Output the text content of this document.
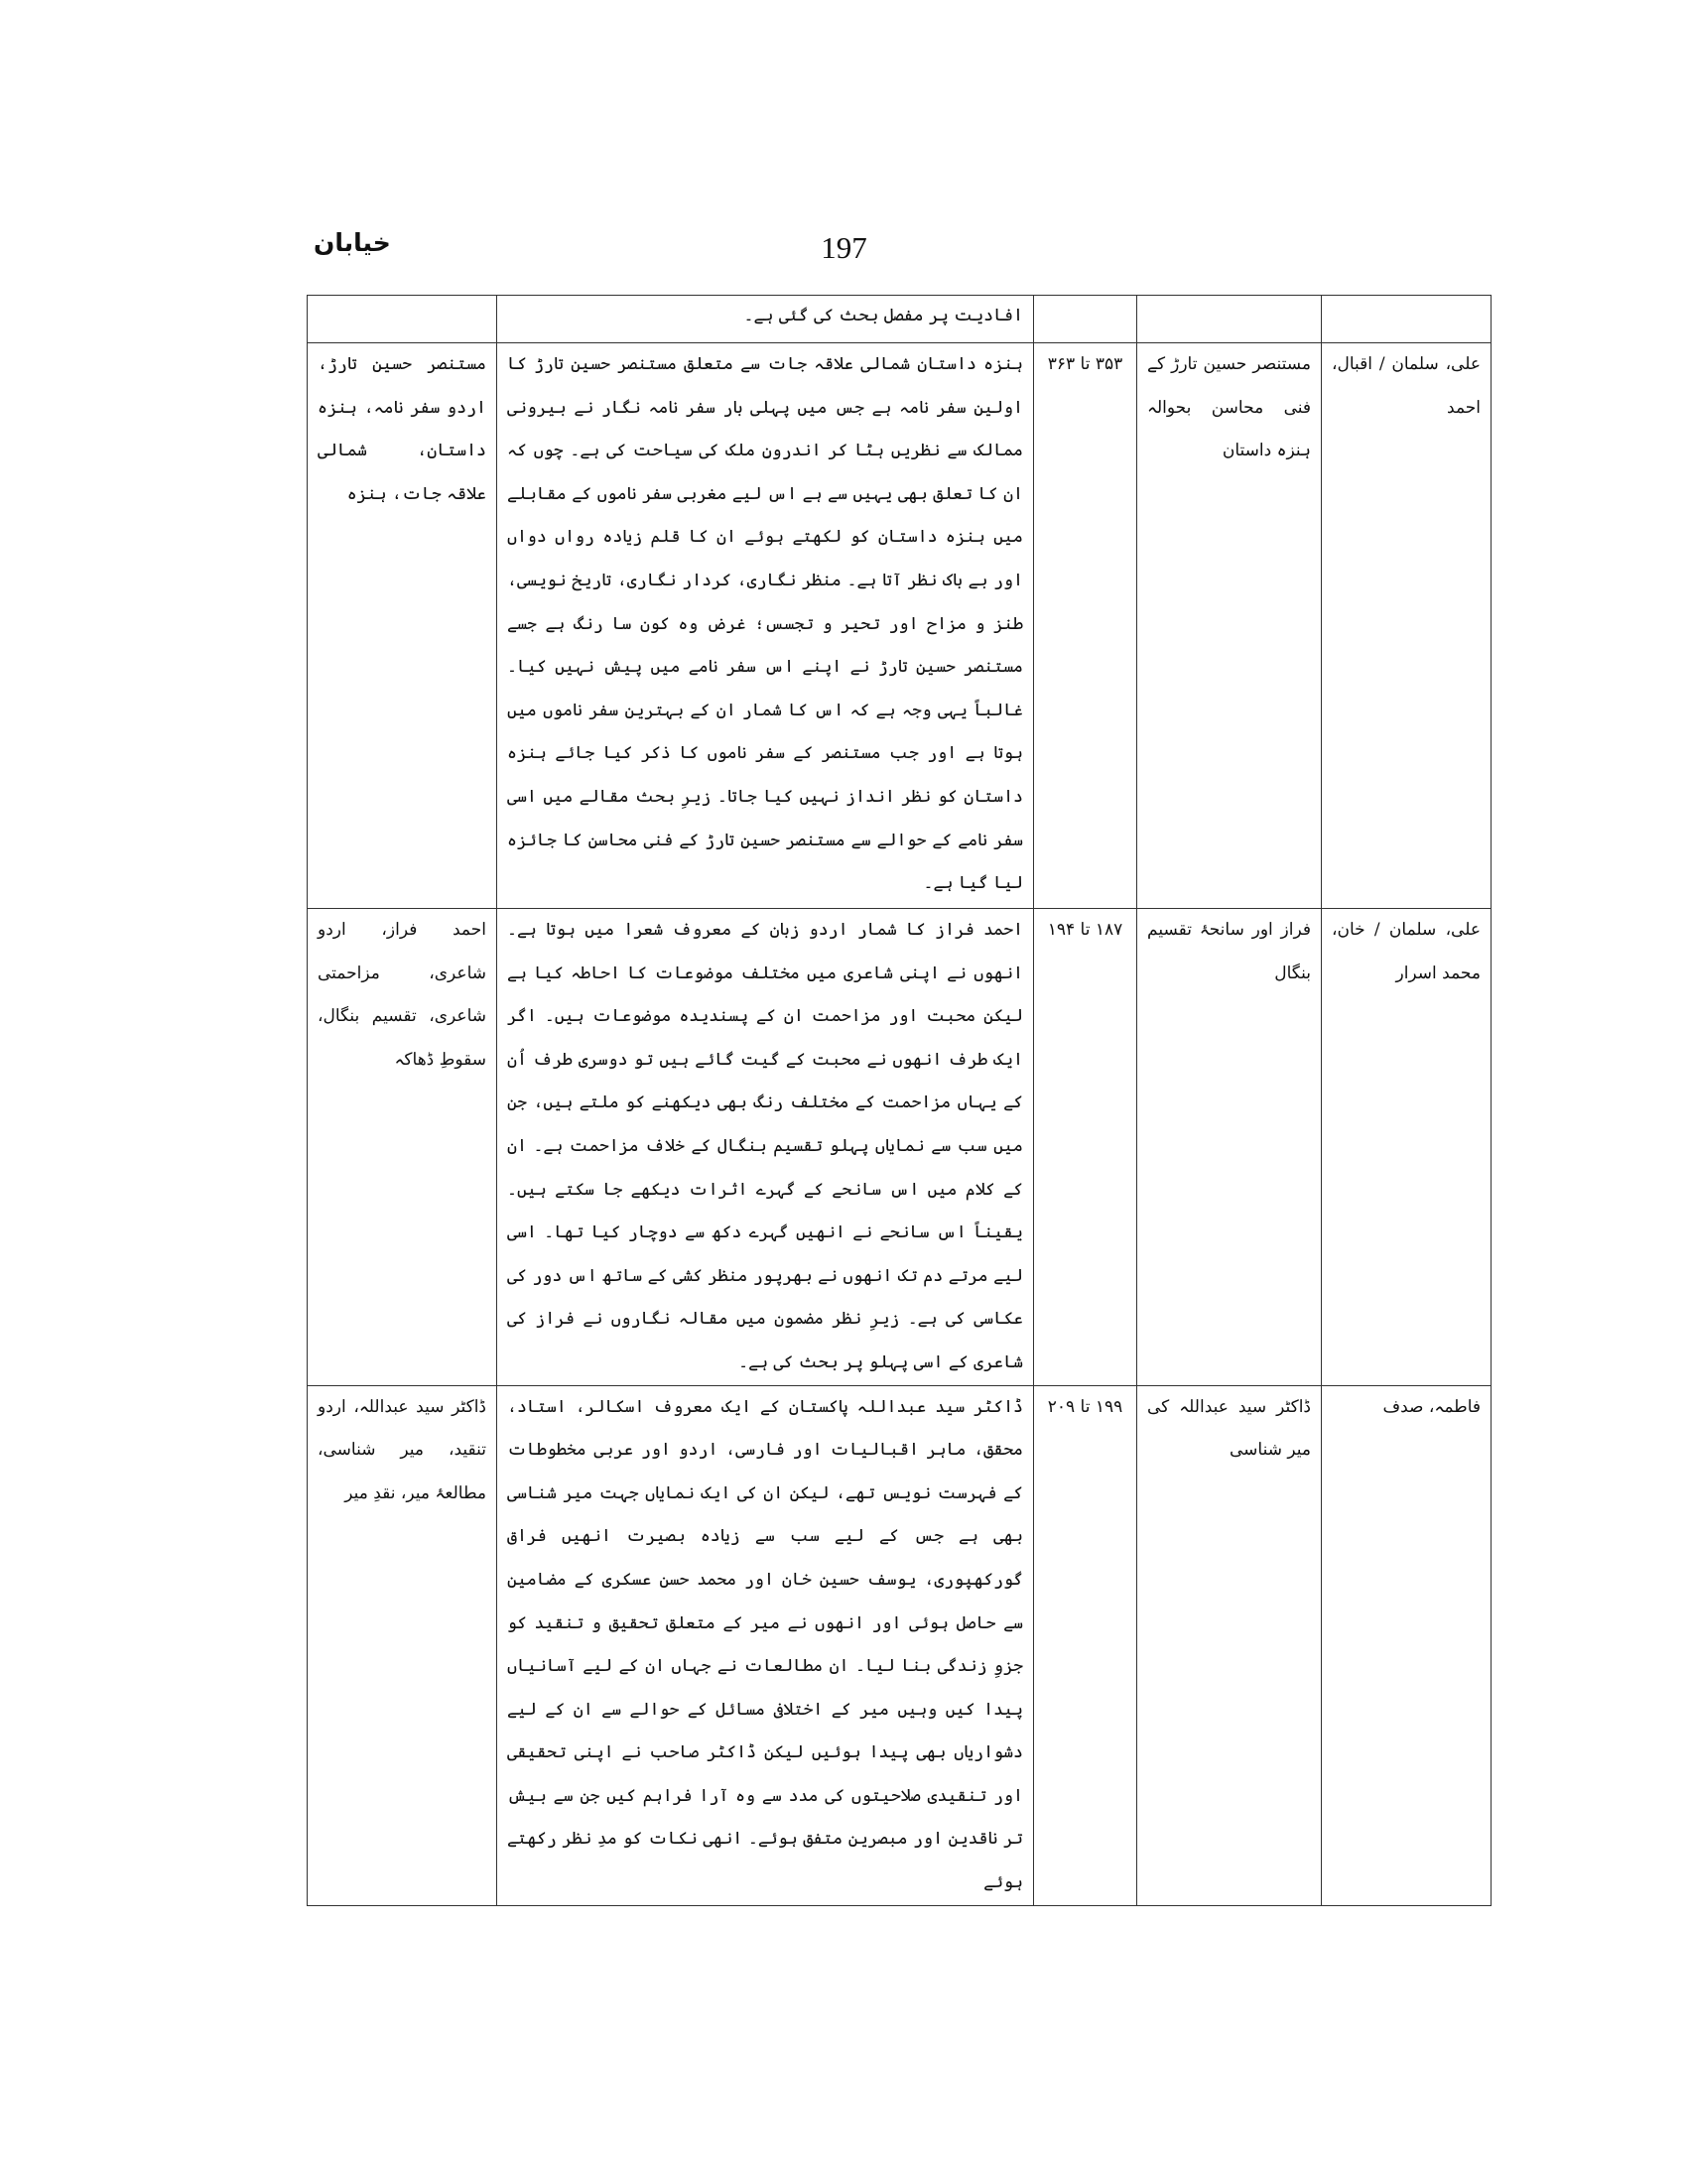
197
خیابان
			افادیت پر مفصل بحث کی گئی ہے۔	
علی، سلمان / اقبال، احمد	مستنصر حسین تارڑ کے فنی محاسن بحوالہ ہنزہ داستان	۳۵۳ تا ۳۶۳	ہنزہ داستان شمالی علاقہ جات سے متعلق مستنصر حسین تارڑ کا اولین سفر نامہ ہے جس میں پہلی بار سفر نامہ نگار نے بیرونی ممالک سے نظریں ہٹا کر اندرونِ ملک کی سیاحت کی ہے۔ چوں کہ ان کا تعلق بھی یہیں سے ہے اس لیے مغربی سفر ناموں کے مقابلے میں ہنزہ داستان کو لکھتے ہوئے ان کا قلم زیادہ رواں دواں اور بے باک نظر آتا ہے۔ منظر نگاری، کردار نگاری، تاریخ نویسی، طنز و مزاح اور تحیر و تجسس؛ غرض وہ کون سا رنگ ہے جسے مستنصر حسین تارڑ نے اپنے اس سفر نامے میں پیش نہیں کیا۔ غالباً یہی وجہ ہے کہ اس کا شمار ان کے بہترین سفر ناموں میں ہوتا ہے اور جب مستنصر کے سفر ناموں کا ذکر کیا جائے ہنزہ داستان کو نظر انداز نہیں کیا جاتا۔ زیرِ بحث مقالے میں اسی سفر نامے کے حوالے سے مستنصر حسین تارڑ کے فنی محاسن کا جائزہ لیا گیا ہے۔	مستنصر حسین تارڑ، اردو سفر نامہ، ہنزہ داستان، شمالی علاقہ جات، ہنزہ
علی، سلمان / خان، محمد اسرار	فراز اور سانحۂ تقسیم بنگال	۱۸۷ تا ۱۹۴	احمد فراز کا شمار اردو زبان کے معروف شعرا میں ہوتا ہے۔ انھوں نے اپنی شاعری میں مختلف موضوعات کا احاطہ کیا ہے لیکن محبت اور مزاحمت ان کے پسندیدہ موضوعات ہیں۔ اگر ایک طرف انھوں نے محبت کے گیت گائے ہیں تو دوسری طرف اُن کے یہاں مزاحمت کے مختلف رنگ بھی دیکھنے کو ملتے ہیں، جن میں سب سے نمایاں پہلو تقسیم بنگال کے خلاف مزاحمت ہے۔ ان کے کلام میں اس سانحے کے گہرے اثرات دیکھے جا سکتے ہیں۔ یقیناً اس سانحے نے انھیں گہرے دکھ سے دوچار کیا تھا۔ اسی لیے مرتے دم تک انھوں نے بھرپور منظر کشی کے ساتھ اس دور کی عکاسی کی ہے۔ زیرِ نظر مضمون میں مقالہ نگاروں نے فراز کی شاعری کے اسی پہلو پر بحث کی ہے۔	احمد فراز، اردو شاعری، مزاحمتی شاعری، تقسیم بنگال، سقوطِ ڈھاکہ
فاطمہ، صدف	ڈاکٹر سید عبداللہ کی میر شناسی	۱۹۹ تا ۲۰۹	ڈاکٹر سید عبداللہ پاکستان کے ایک معروف اسکالر، استاد، محقق، ماہر اقبالیات اور فارسی، اردو اور عربی مخطوطات کے فہرست نویس تھے، لیکن ان کی ایک نمایاں جہت میر شناسی بھی ہے جس کے لیے سب سے زیادہ بصیرت انھیں فراق گورکھپوری، یوسف حسین خان اور محمد حسن عسکری کے مضامین سے حاصل ہوئی اور انھوں نے میر کے متعلق تحقیق و تنقید کو جزوِ زندگی بنا لیا۔ ان مطالعات نے جہاں ان کے لیے آسانیاں پیدا کیں وہیں میر کے اختلافی مسائل کے حوالے سے ان کے لیے دشواریاں بھی پیدا ہوئیں لیکن ڈاکٹر صاحب نے اپنی تحقیقی اور تنقیدی صلاحیتوں کی مدد سے وہ آرا فراہم کیں جن سے بیش تر ناقدین اور مبصرین متفق ہوئے۔ انھی نکات کو مدِ نظر رکھتے ہوئے	ڈاکٹر سید عبداللہ، اردو تنقید، میر شناسی، مطالعۂ میر، نقدِ میر
